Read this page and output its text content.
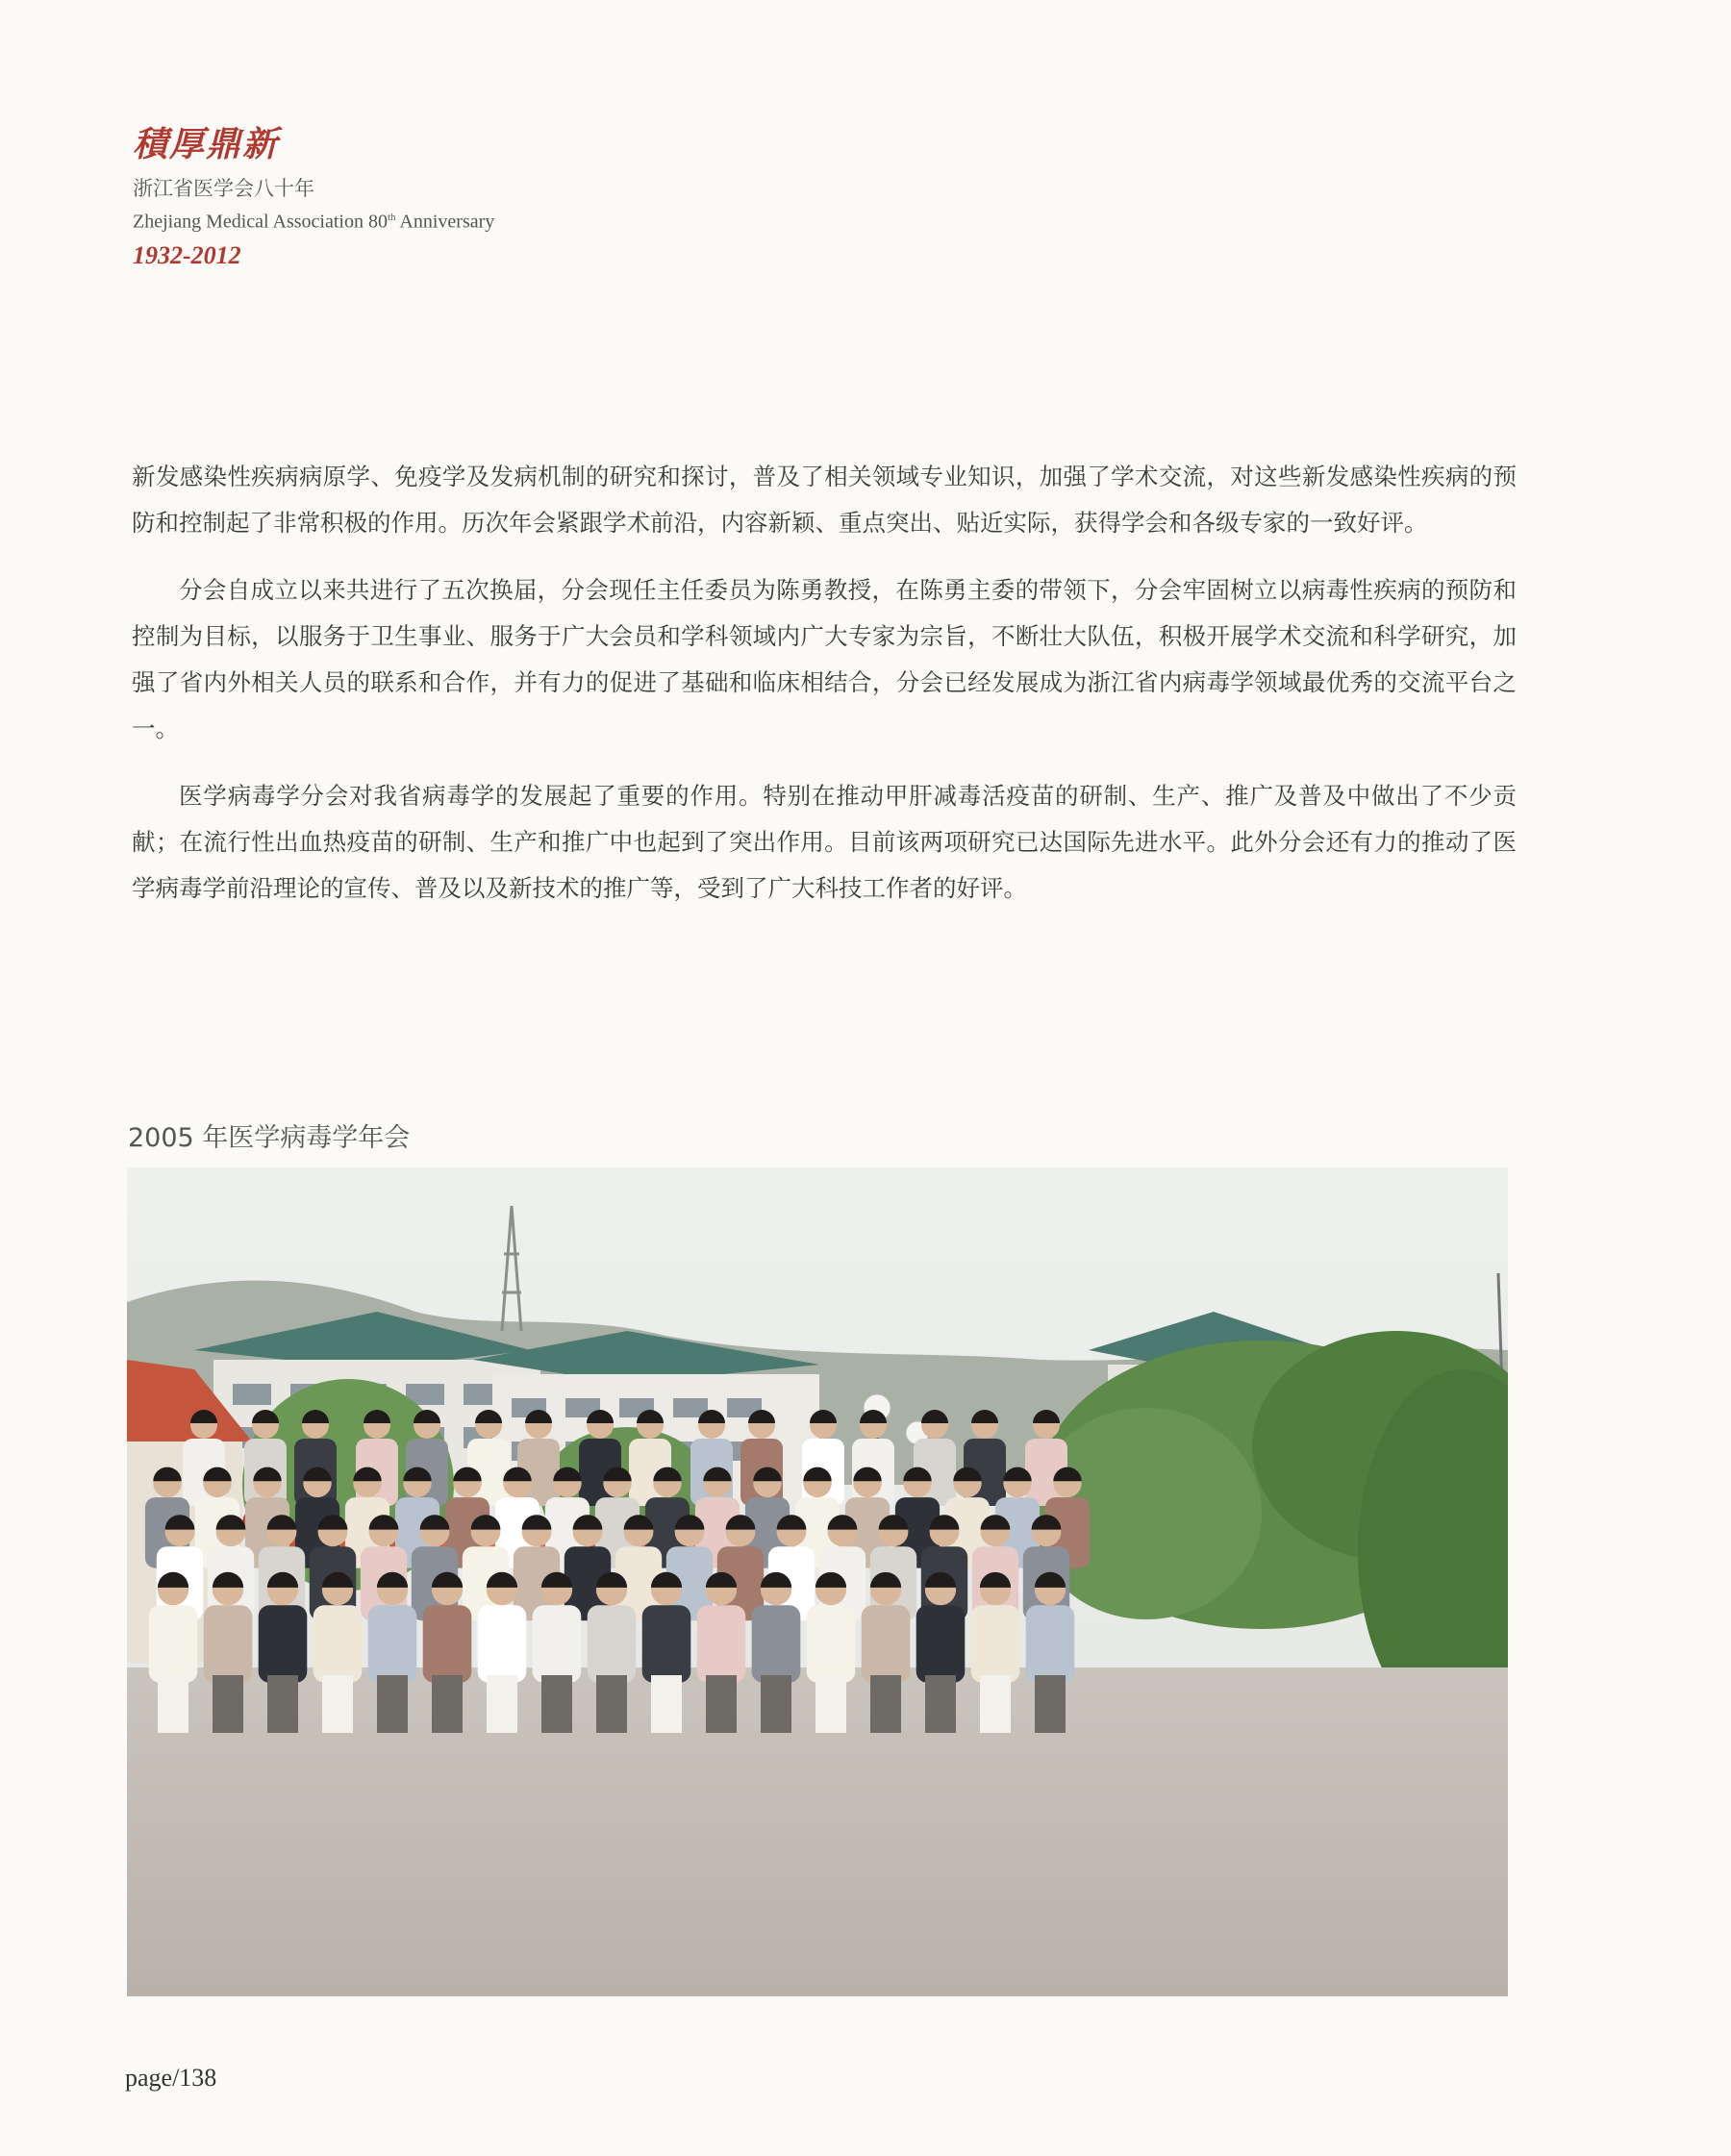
積厚鼎新
浙江省医学会八十年
Zhejiang Medical Association 80th Anniversary
1932-2012

新发感染性疾病病原学、免疫学及发病机制的研究和探讨，普及了相关领域专业知识，加强了学术交流，对这些新发感染性疾病的预防和控制起了非常积极的作用。历次年会紧跟学术前沿，内容新颖、重点突出、贴近实际，获得学会和各级专家的一致好评。

分会自成立以来共进行了五次换届，分会现任主任委员为陈勇教授，在陈勇主委的带领下，分会牢固树立以病毒性疾病的预防和控制为目标，以服务于卫生事业、服务于广大会员和学科领域内广大专家为宗旨，不断壮大队伍，积极开展学术交流和科学研究，加强了省内外相关人员的联系和合作，并有力的促进了基础和临床相结合，分会已经发展成为浙江省内病毒学领域最优秀的交流平台之一。

医学病毒学分会对我省病毒学的发展起了重要的作用。特别在推动甲肝减毒活疫苗的研制、生产、推广及普及中做出了不少贡献；在流行性出血热疫苗的研制、生产和推广中也起到了突出作用。目前该两项研究已达国际先进水平。此外分会还有力的推动了医学病毒学前沿理论的宣传、普及以及新技术的推广等，受到了广大科技工作者的好评。

2005 年医学病毒学年会
page/138
